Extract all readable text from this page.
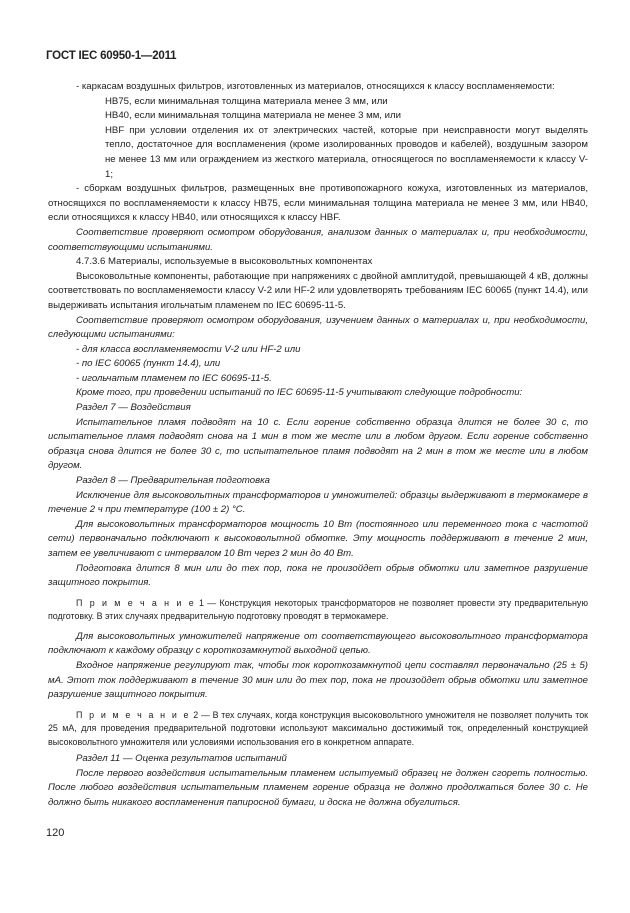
ГОСТ IEC 60950-1—2011

- каркасам воздушных фильтров, изготовленных из материалов, относящихся к классу воспламеняемости:

HB75, если минимальная толщина материала менее 3 мм, или

HB40, если минимальная толщина материала не менее 3 мм, или

HBF при условии отделения их от электрических частей, которые при неисправности могут выделять тепло, достаточное для воспламенения (кроме изолированных проводов и кабелей), воздушным зазором не менее 13 мм или ограждением из жесткого материала, относящегося по воспламеняемости к классу V-1;

- сборкам воздушных фильтров, размещенных вне противопожарного кожуха, изготовленных из материалов, относящихся по воспламеняемости к классу HB75, если минимальная толщина материала не менее 3 мм, или HB40, если относящихся к классу HB40, или относящихся к классу HBF.

Соответствие проверяют осмотром оборудования, анализом данных о материалах и, при необходимости, соответствующими испытаниями.

4.7.3.6 Материалы, используемые в высоковольтных компонентах

Высоковольтные компоненты, работающие при напряжениях с двойной амплитудой, превышающей 4 кВ, должны соответствовать по воспламеняемости классу V-2 или HF-2 или удовлетворять требованиям IEC 60065 (пункт 14.4), или выдерживать испытания игольчатым пламенем по IEC 60695-11-5.

Соответствие проверяют осмотром оборудования, изучением данных о материалах и, при необходимости, следующими испытаниями:

- для класса воспламеняемости V-2 или HF-2 или

- по IEC 60065 (пункт 14.4), или

- игольчатым пламенем по IEC 60695-11-5.

Кроме того, при проведении испытаний по IEC 60695-11-5 учитывают следующие подробности:

Раздел 7 — Воздействия

Испытательное пламя подводят на 10 с. Если горение собственно образца длится не более 30 с, то испытательное пламя подводят снова на 1 мин в том же месте или в любом другом. Если горение собственно образца снова длится не более 30 с, то испытательное пламя подводят на 2 мин в том же месте или в любом другом.

Раздел 8 — Предварительная подготовка

Исключение для высоковольтных трансформаторов и умножителей: образцы выдерживают в термокамере в течение 2 ч при температуре (100 ± 2) °С.

Для высоковольтных трансформаторов мощность 10 Вт (постоянного или переменного тока с частотой сети) первоначально подключают к высоковольтной обмотке. Эту мощность поддерживают в течение 2 мин, затем ее увеличивают с интервалом 10 Вт через 2 мин до 40 Вт.

Подготовка длится 8 мин или до тех пор, пока не произойдет обрыв обмотки или заметное разрушение защитного покрытия.

П р и м е ч а н и е 1 — Конструкция некоторых трансформаторов не позволяет провести эту предварительную подготовку. В этих случаях предварительную подготовку проводят в термокамере.

Для высоковольтных умножителей напряжение от соответствующего высоковольтного трансформатора подключают к каждому образцу с короткозамкнутой выходной цепью.

Входное напряжение регулируют так, чтобы ток короткозамкнутой цепи составлял первоначально (25 ± 5) мА. Этот ток поддерживают в течение 30 мин или до тех пор, пока не произойдет обрыв обмотки или заметное разрушение защитного покрытия.

П р и м е ч а н и е 2 — В тех случаях, когда конструкция высоковольтного умножителя не позволяет получить ток 25 мА, для проведения предварительной подготовки используют максимально достижимый ток, определенный конструкцией высоковольтного умножителя или условиями использования его в конкретном аппарате.

Раздел 11 — Оценка результатов испытаний

После первого воздействия испытательным пламенем испытуемый образец не должен сгореть полностью. После любого воздействия испытательным пламенем горение образца не должно продолжаться более 30 с. Не должно быть никакого воспламенения папиросной бумаги, и доска не должна обуглиться.

120
